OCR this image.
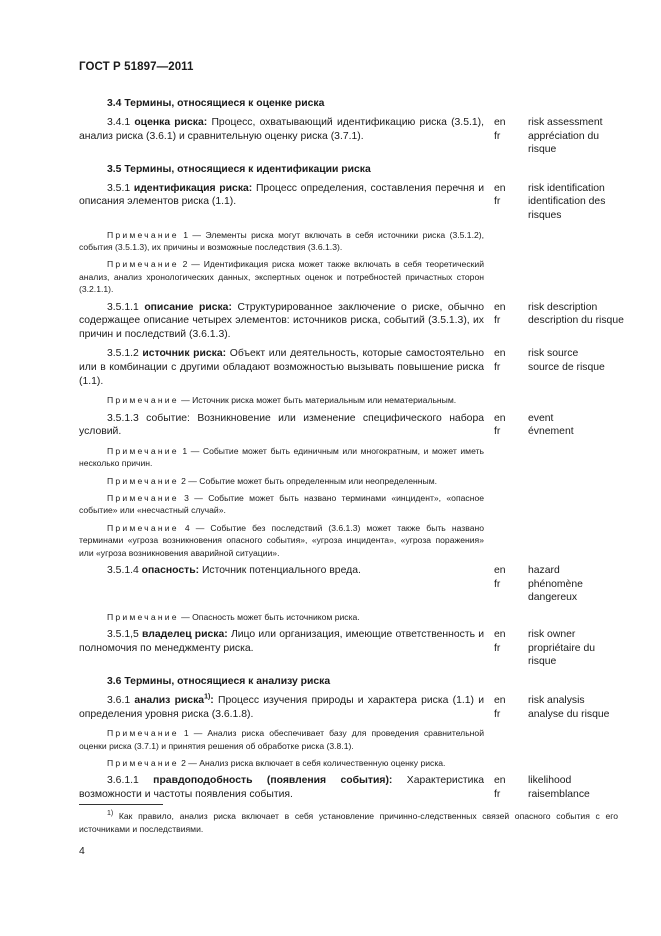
ГОСТ Р 51897—2011
3.4 Термины, относящиеся к оценке риска
3.4.1 оценка риска: Процесс, охватывающий идентификацию риска (3.5.1), анализ риска (3.6.1) и сравнительную оценку риска (3.7.1).
en
fr
risk assessment
appréciation du risque
3.5 Термины, относящиеся к идентификации риска
3.5.1 идентификация риска: Процесс определения, составления перечня и описания элементов риска (1.1).
en
fr
risk identification
identification des risques
Примечание 1 — Элементы риска могут включать в себя источники риска (3.5.1.2), события (3.5.1.3), их причины и возможные последствия (3.6.1.3).
Примечание 2 — Идентификация риска может также включать в себя теоретический анализ, анализ хронологических данных, экспертных оценок и потребностей причастных сторон (3.2.1.1).
3.5.1.1 описание риска: Структурированное заключение о риске, обычно содержащее описание четырех элементов: источников риска, событий (3.5.1.3), их причин и последствий (3.6.1.3).
en
fr
risk description
description du risque
3.5.1.2 источник риска: Объект или деятельность, которые самостоятельно или в комбинации с другими обладают возможностью вызывать повышение риска (1.1).
en
fr
risk source
source de risque
Примечание — Источник риска может быть материальным или нематериальным.
3.5.1.3 событие: Возникновение или изменение специфического набора условий.
en
fr
event
évnement
Примечание 1 — Событие может быть единичным или многократным, и может иметь несколько причин.
Примечание 2 — Событие может быть определенным или неопределенным.
Примечание 3 — Событие может быть названо терминами «инцидент», «опасное событие» или «несчастный случай».
Примечание 4 — Событие без последствий (3.6.1.3) может также быть названо терминами «угроза возникновения опасного события», «угроза инцидента», «угроза поражения» или «угроза возникновения аварийной ситуации».
3.5.1.4 опасность: Источник потенциального вреда.	en
fr
hazard
phénomène dangereux
Примечание — Опасность может быть источником риска.
3.5.1,5 владелец риска: Лицо или организация, имеющие ответственность и полномочия по менеджменту риска.
en
fr
risk owner
propriétaire du risque
3.6 Термины, относящиеся к анализу риска
3.6.1 анализ риска$^{1)}$: Процесс изучения природы и характера риска (1.1) и определения уровня риска (3.6.1.8).
en
fr
risk analysis
analyse du risque
Примечание 1 — Анализ риска обеспечивает базу для проведения сравнительной оценки риска (3.7.1) и принятия решения об обработке риска (3.8.1).
Примечание 2 — Анализ риска включает в себя количественную оценку риска.
3.6.1.1 правдоподобность (появления события): Характеристика возможности и частоты появления события.
en
fr
likelihood
raisemblance
$^{1)}$ Как правило, анализ риска включает в себя установление причинно-следственных связей опасного события с его источниками и последствиями.
4
